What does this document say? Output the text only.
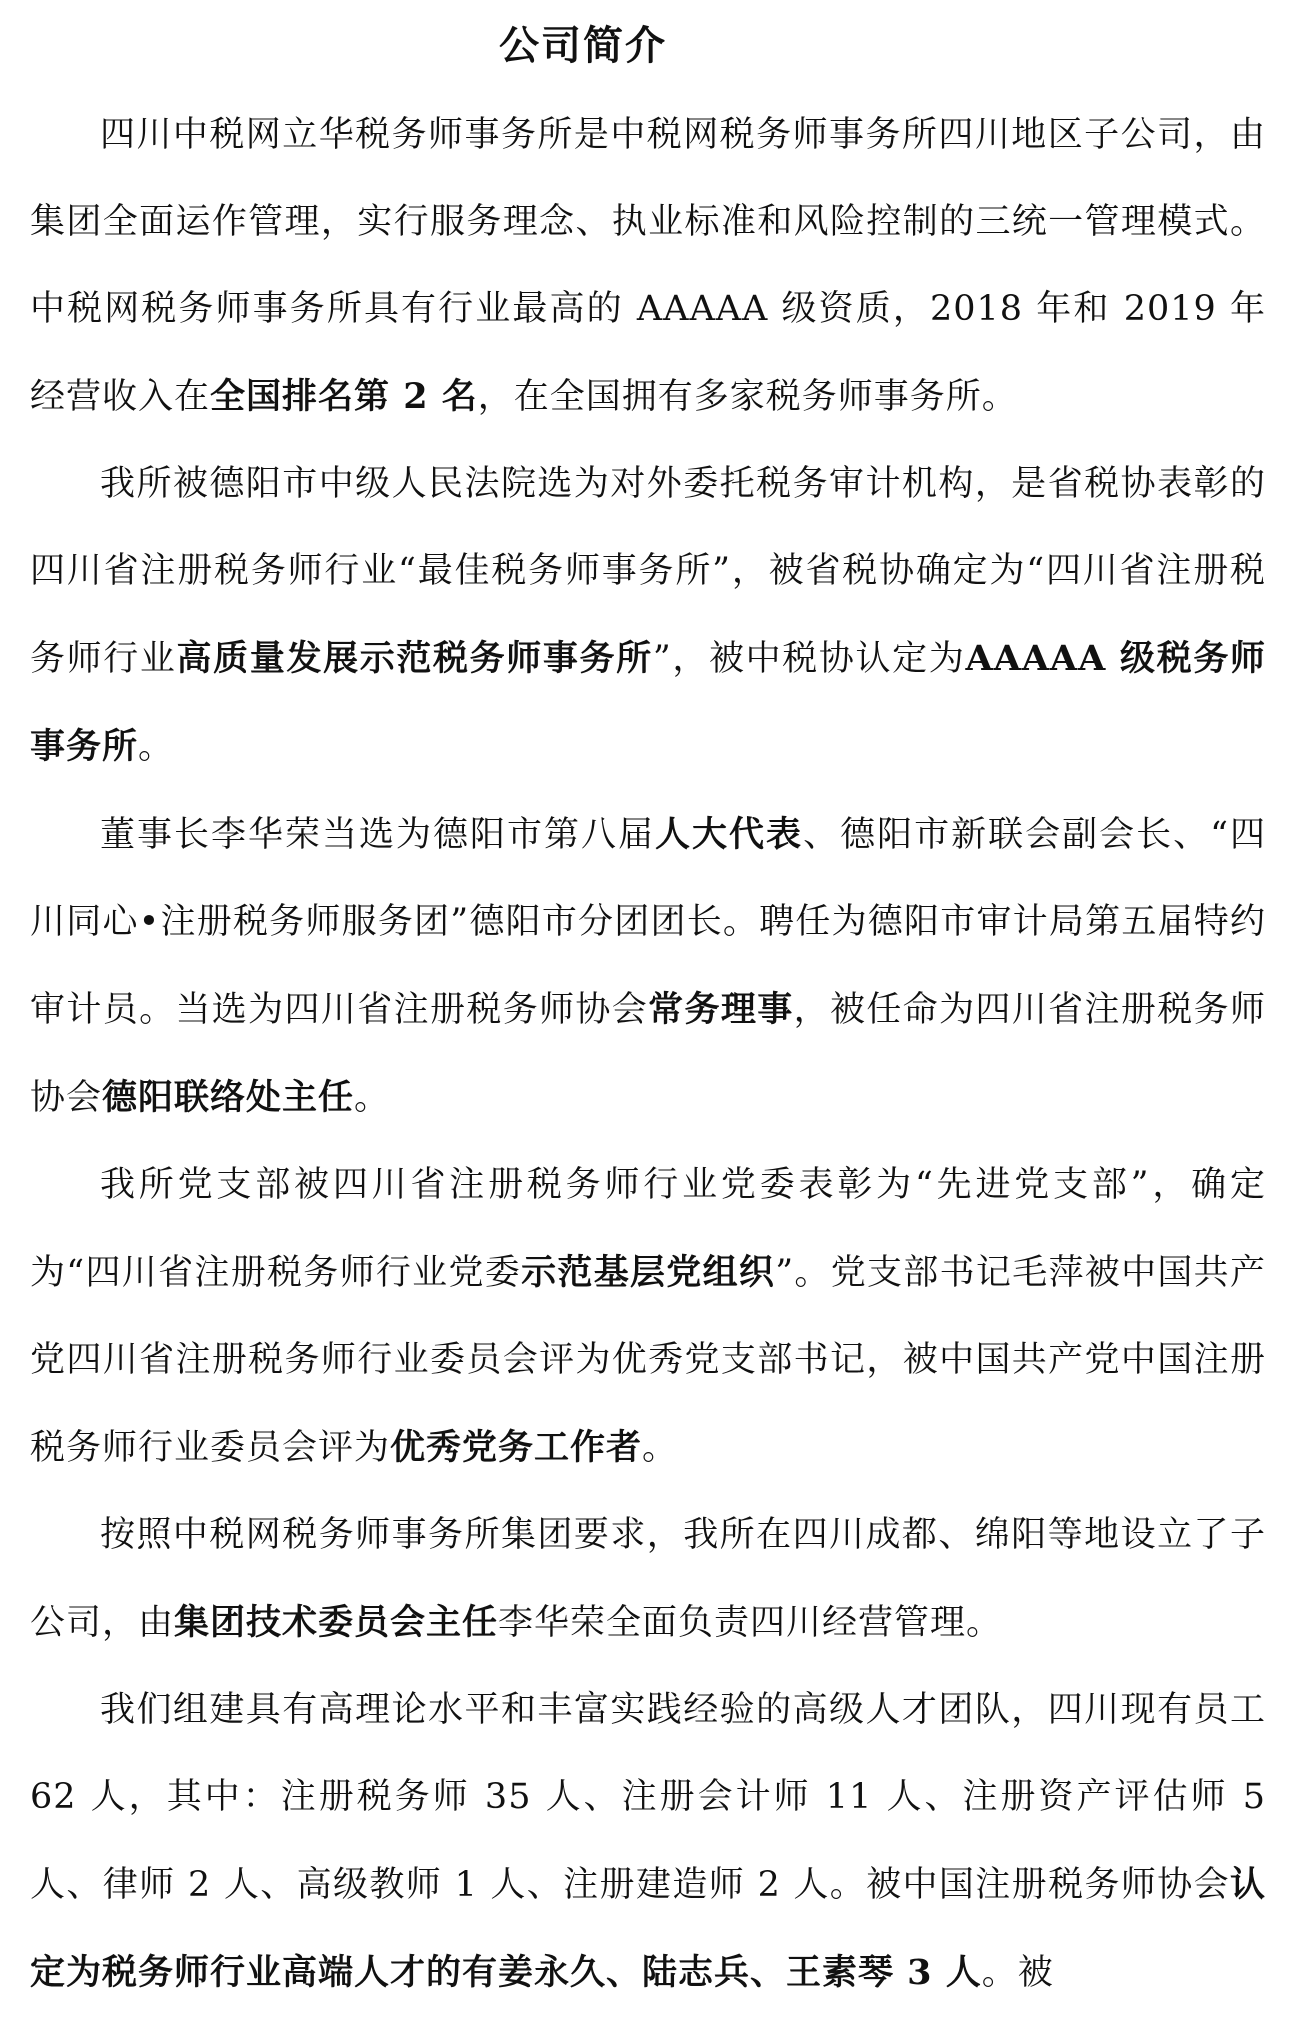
公司简介

四川中税网立华税务师事务所是中税网税务师事务所四川地区子公司，由集团全面运作管理，实行服务理念、执业标准和风险控制的三统一管理模式。中税网税务师事务所具有行业最高的 AAAAA 级资质，2018 年和 2019 年经营收入在全国排名第 2 名，在全国拥有多家税务师事务所。

我所被德阳市中级人民法院选为对外委托税务审计机构，是省税协表彰的四川省注册税务师行业“最佳税务师事务所”，被省税协确定为“四川省注册税务师行业高质量发展示范税务师事务所”，被中税协认定为AAAAA 级税务师事务所。

董事长李华荣当选为德阳市第八届人大代表、德阳市新联会副会长、“四川同心•注册税务师服务团”德阳市分团团长。聘任为德阳市审计局第五届特约审计员。当选为四川省注册税务师协会常务理事，被任命为四川省注册税务师协会德阳联络处主任。

我所党支部被四川省注册税务师行业党委表彰为“先进党支部”，确定为“四川省注册税务师行业党委示范基层党组织”。党支部书记毛萍被中国共产党四川省注册税务师行业委员会评为优秀党支部书记，被中国共产党中国注册税务师行业委员会评为优秀党务工作者。

按照中税网税务师事务所集团要求，我所在四川成都、绵阳等地设立了子公司，由集团技术委员会主任李华荣全面负责四川经营管理。

我们组建具有高理论水平和丰富实践经验的高级人才团队，四川现有员工 62 人，其中：注册税务师 35 人、注册会计师 11 人、注册资产评估师 5 人、律师 2 人、高级教师 1 人、注册建造师 2 人。被中国注册税务师协会认定为税务师行业高端人才的有姜永久、陆志兵、王素琴 3 人。被
